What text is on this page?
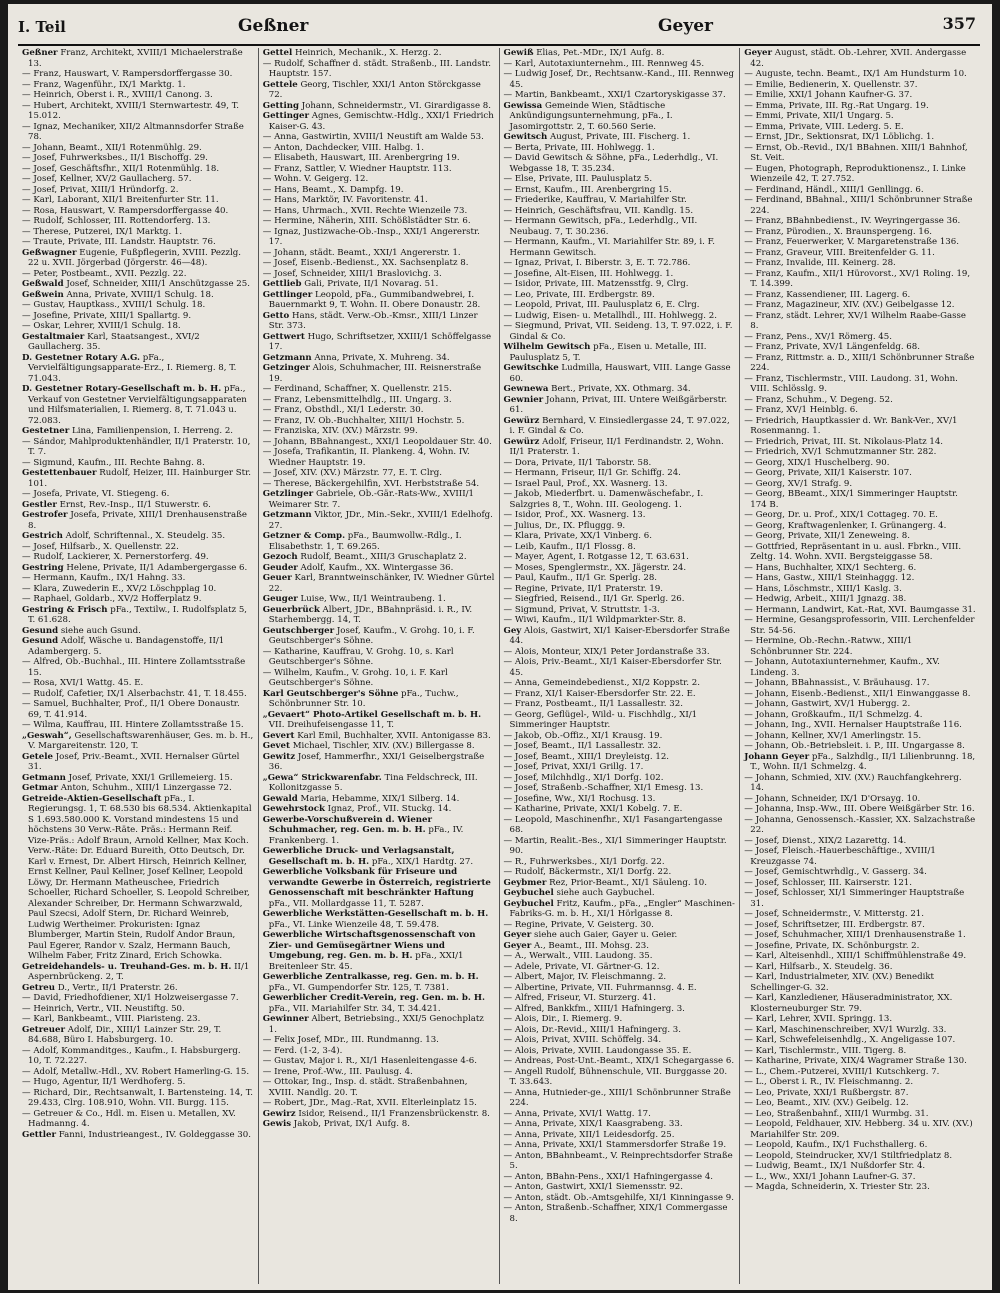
I. Teil	Geßner	Geyer	357

Geßner Franz, Architekt, XVIII/1 Michaelerstraße 13.

— Franz, Hauswart, V. Rampersdorffergasse 30.

— Franz, Wagenführ., IX/1 Marktg. 1.

— Heinrich, Oberst i. R., XVIII/1 Canong. 3.

— Hubert, Architekt, XVIII/1 Sternwartestr. 49, T. 15.012.

— Ignaz, Mechaniker, XII/2 Altmannsdorfer Straße 78.

— Johann, Beamt., XII/1 Rotenmühlg. 29.

— Josef, Fuhrwerksbes., II/1 Bischoffg. 29.

— Josef, Geschäftsfhr., XII/1 Rotenmühlg. 18.

— Josef, Kellner, XV/2 Gaullacherg. 57.

— Josef, Privat, XIII/1 Hründorfg. 2.

— Karl, Laborant, XII/1 Breitenfurter Str. 11.

— Rosa, Hauswart, V. Rampersdorffergasse 40.

— Rudolf, Schlosser, III. Rottendorferg. 13.

— Therese, Putzerei, IX/1 Marktg. 1.

— Traute, Private, III. Landstr. Hauptstr. 76.

Geßwagner Eugenie, Fußpflegerin, XVIII. Pezzlg. 22 u. XVII. Jörgerbad (Jörgerstr. 46—48).

— Peter, Postbeamt., XVII. Pezzlg. 22.

Geßwald Josef, Schneider, XIII/1 Anschützgasse 25.

Geßwein Anna, Private, XVIII/1 Schulg. 18.

— Gustav, Hauptkass., XVIII/1 Schulg. 18.

— Josefine, Private, XIII/1 Spallartg. 9.

— Oskar, Lehrer, XVIII/1 Schulg. 18.

Gestaltmaier Karl, Staatsangest., XVI/2 Gaullacherg. 35.

D. Gestetner Rotary A.G. pFa., Vervielfältigungsapparate-Erz., I. Riemerg. 8, T. 71.043.

D. Gestetner Rotary-Gesellschaft m. b. H. pFa., Verkauf von Gestetner Vervielfältigungsapparaten und Hilfsmaterialien, I. Riemerg. 8, T. 71.043 u. 72.083.

Gestetner Lina, Familienpension, I. Herreng. 2.

— Sándor, Mahlproduktenhändler, II/1 Praterstr. 10, T. 7.

— Sigmund, Kaufm., III. Rechte Bahng. 8.

Gestettenbauer Rudolf, Heizer, III. Hainburger Str. 101.

— Josefa, Private, VI. Stiegeng. 6.

Gestler Ernst, Rev.-Insp., II/1 Stuwerstr. 6.

Gestrofer Josefa, Private, XIII/1 Drenhausenstraße 8.

Gestrich Adolf, Schriftennal., X. Steudelg. 35.

— Josef, Hilfsarb., X. Quellenstr. 22.

— Rudolf, Lackierer, X. Pernerstorferg. 49.

Gestring Helene, Private, II/1 Adambergergasse 6.

— Hermann, Kaufm., IX/1 Hahng. 33.

— Klara, Zuwederin E., XV/2 Löschpplag 10.

— Raphael, Goldarb., XV/2 Hofferplatz 9.

Gestring & Frisch pFa., Textilw., I. Rudolfsplatz 5, T. 61.628.

Gesund siehe auch Gsund.

Gesund Adolf, Wäsche u. Bandagenstoffe, II/1 Adambergerg. 5.

— Alfred, Ob.-Buchhal., III. Hintere Zollamtsstraße 15.

— Rosa, XVI/1 Wattg. 45. E.

— Rudolf, Cafetier, IX/1 Alserbachstr. 41, T. 18.455.

— Samuel, Buchhalter, Prof., II/1 Obere Donaustr. 69, T. 41.914.

— Wilma, Kauffrau, III. Hintere Zollamtsstraße 15.

„Geswah“, Gesellschaftswarenhäuser, Ges. m. b. H., V. Margareitenstr. 120, T.

Getele Josef, Priv.-Beamt., XVII. Hernalser Gürtel 31.

Getmann Josef, Private, XXI/1 Grillemeierg. 15.

Getmar Anton, Schuhm., XIII/1 Linzergasse 72.

Getreide-Aktien-Gesellschaft pFa., I. Regierungsg. 1, T. 68.530 bis 68.534. Aktienkapital S 1.693.580.000 K. Vorstand mindestens 15 und höchstens 30 Verw.-Räte. Präs.: Hermann Reif. Vize-Präs.: Adolf Braun, Arnold Kellner, Max Koch. Verw.-Räte: Dr. Eduard Bureith, Otto Deutsch, Dr. Karl v. Ernest, Dr. Albert Hirsch, Heinrich Kellner, Ernst Kellner, Paul Kellner, Josef Kellner, Leopold Löwy, Dr. Hermann Matheuschee, Friedrich Schoeller, Richard Schoeller, S. Leopold Schreiber, Alexander Schreiber, Dr. Hermann Schwarzwald, Paul Szecsi, Adolf Stern, Dr. Richard Weinreb, Ludwig Wertheimer. Prokuristen: Ignaz Blumberger, Martin Stein, Rudolf Andor Braun, Paul Egerer, Randor v. Szalz, Hermann Bauch, Wilhelm Faber, Fritz Zinard, Erich Schowka.

Getreidehandels- u. Treuhand-Ges. m. b. H. II/1 Aspernbrückeng. 2, T.

Getreu D., Vertr., II/1 Praterstr. 26.

— David, Friedhofdiener, XI/1 Holzweisergasse 7.

— Heinrich, Vertr., VII. Neustiftg. 50.

— Karl, Bankbeamt., VIII. Piaristeng. 23.

Getreuer Adolf, Dir., XIII/1 Lainzer Str. 29, T. 84.688, Büro I. Habsburgerg. 10.

— Adolf, Kommanditges., Kaufm., I. Habsburgerg. 10, T. 72.227.

— Adolf, Metallw.-Hdl., XV. Robert Hamerling-G. 15.

— Hugo, Agentur, II/1 Werdhoferg. 5.

— Richard, Dir., Rechtsanwalt, I. Bartensteing. 14, T. 29.433, Clrg. 108.910, Wohn. VII. Burgg. 115.

— Getreuer & Co., Hdl. m. Eisen u. Metallen, XV. Hadmanng. 4.

Gettler Fanni, Industrieangest., IV. Goldeggasse 30.

Gettel Heinrich, Mechanik., X. Herzg. 2.

— Rudolf, Schaffner d. städt. Straßenb., III. Landstr. Hauptstr. 157.

Gettele Georg, Tischler, XXI/1 Anton Störckgasse 72.

Getting Johann, Schneidermstr., VI. Girardigasse 8.

Gettinger Agnes, Gemischtw.-Hdlg., XXI/1 Friedrich Kaiser-G. 43.

— Anna, Gastwirtin, XVIII/1 Neustift am Walde 53.

— Anton, Dachdecker, VIII. Halbg. 1.

— Elisabeth, Hauswart, III. Arenbergring 19.

— Franz, Sattler, V. Wiedner Hauptstr. 113.

— Wohn. V. Geigerg. 12.

— Hans, Beamt., X. Dampfg. 19.

— Hans, Marktör, IV. Favoritenstr. 41.

— Hans, Uhrmach., XVII. Rechte Wienzeile 73.

— Hermine, Näherin, XIII. Schößlstädter Str. 6.

— Ignaz, Justizwache-Ob.-Insp., XXI/1 Angererstr. 17.

— Johann, städt. Beamt., XXI/1 Angererstr. 1.

— Josef, Eisenb.-Bedienst., XX. Sachsenplatz 8.

— Josef, Schneider, XIII/1 Braslovichg. 3.

Gettlieb Gali, Private, II/1 Novarag. 51.

Gettlinger Leopold, pFa., Gummibandwebrei, I. Bauernmarkt 9, T. Wohn. II. Obere Donaustr. 28.

Getto Hans, städt. Verw.-Ob.-Kmsr., XIII/1 Linzer Str. 373.

Gettwert Hugo, Schriftsetzer, XXIII/1 Schöffelgasse 17.

Getzmann Anna, Private, X. Muhreng. 34.

Getzinger Alois, Schuhmacher, III. Reisnerstraße 19.

— Ferdinand, Schaffner, X. Quellenstr. 215.

— Franz, Lebensmittelhdlg., III. Ungarg. 3.

— Franz, Obsthdl., XI/1 Lederstr. 30.

— Franz, IV. Ob.-Buchhalter, XIII/1 Hochstr. 5.

— Franziska, XIV. (XV.) Märzstr. 99.

— Johann, BBahnangest., XXI/1 Leopoldauer Str. 40.

— Josefa, Trafikantin, II. Plankeng. 4, Wohn. IV. Wiedner Hauptstr. 19.

— Josef, XIV. (XV.) Märzstr. 77, E. T. Clrg.

— Therese, Bäckergehilfin, XVI. Herbststraße 54.

Getzlinger Gabriele, Ob.-Gär.-Rats-Ww., XVIII/1 Weimarer Str. 7.

Getzmann Viktor, JDr., Min.-Sekr., XVIII/1 Edelhofg. 27.

Getzner & Comp. pFa., Baumwollw.-Rdlg., I. Elisabethstr. 1, T. 69.265.

Gezoch Rudolf, Beamt., XIII/3 Gruschaplatz 2.

Geuder Adolf, Kaufm., XX. Wintergasse 36.

Geuer Karl, Branntweinschänker, IV. Wiedner Gürtel 22.

Geuger Luise, Ww., II/1 Weintraubeng. 1.

Geuerbrück Albert, JDr., BBahnpräsid. i. R., IV. Starhembergg. 14, T.

Geutschberger Josef, Kaufm., V. Grohg. 10, i. F. Geutschberger's Söhne.

— Katharine, Kauffrau, V. Grohg. 10, s. Karl Geutschberger's Söhne.

— Wilhelm, Kaufm., V. Grohg. 10, i. F. Karl Geutschberger's Söhne.

Karl Geutschberger's Söhne pFa., Tuchw., Schönbrunner Str. 10.

„Gevaert“ Photo-Artikel Gesellschaft m. b. H. VII. Dreihufeisengasse 11, T.

Gevert Karl Emil, Buchhalter, XVII. Antonigasse 83.

Gevet Michael, Tischler, XIV. (XV.) Billergasse 8.

Gewitz Josef, Hammerfhr., XXI/1 Geiselbergstraße 36.

„Gewa“ Strickwarenfabr. Tina Feldschreck, III. Kollonitzgasse 5.

Gewald Maria, Hebamme, XIX/1 Silberg. 14.

Gewehrstock Ignaz, Prof., VII. Stuckg. 14.

Gewerbe-Vorschußverein d. Wiener Schuhmacher, reg. Gen. m. b. H. pFa., IV. Frankenberg. 1.

Gewerbliche Druck- und Verlagsanstalt, Gesellschaft m. b. H. pFa., XIX/1 Hardtg. 27.

Gewerbliche Volksbank für Friseure und verwandte Gewerbe in Österreich, registrierte Genossenschaft mit beschränkter Haftung pFa., VII. Mollardgasse 11, T. 5287.

Gewerbliche Werkstätten-Gesellschaft m. b. H. pFa., VI. Linke Wienzeile 48, T. 59.478.

Gewerbliche Wirtschaftsgenossenschaft von Zier- und Gemüsegärtner Wiens und Umgebung, reg. Gen. m. b. H. pFa., XXI/1 Breitenleer Str. 45.

Gewerbliche Zentralkasse, reg. Gen. m. b. H. pFa., VI. Gumpendorfer Str. 125, T. 7381.

Gewerblicher Credit-Verein, reg. Gen. m. b. H. pFa., VII. Mariahilfer Str. 34, T. 34.421.

Gewinner Albert, Betriebsing., XXI/5 Genochplatz 1.

— Felix Josef, MDr., III. Rundmanng. 13.

— Ferd. (1-2, 3-4).

— Gustav, Major i. R., XI/1 Hasenleitengasse 4-6.

— Irene, Prof.-Ww., III. Paulusg. 4.

— Ottokar, Ing., Insp. d. städt. Straßenbahnen, XVIII. Nandlg. 20. T.

— Robert, JDr., Mag.-Rat, XVII. Elterleinplatz 15.

Gewirz Isidor, Reisend., II/1 Franzensbrückenstr. 8.

Gewis Jakob, Privat, IX/1 Aufg. 8.

Gewiß Elias, Pet.-MDr., IX/1 Aufg. 8.

— Karl, Autotaxiunternehm., III. Rennweg 45.

— Ludwig Josef, Dr., Rechtsanw.-Kand., III. Rennweg 45.

— Martin, Bankbeamt., XXI/1 Czartoryskigasse 37.

Gewissa Gemeinde Wien, Städtische Ankündigungsunternehmung, pFa., I. Jasomirgottstr. 2, T. 60.560 Serie.

Gewitsch August, Private, III. Fischerg. 1.

— Berta, Private, III. Hohlwegg. 1.

— David Gewitsch & Söhne, pFa., Lederhdlg., VI. Webgasse 18, T. 35.234.

— Else, Private, III. Paulusplatz 5.

— Ernst, Kaufm., III. Arenbergring 15.

— Friederike, Kauffrau, V. Mariahilfer Str.

— Heinrich, Geschäftsfrau, VII. Kandlg. 15.

— Hermann Gewitsch, pFa., Lederhdlg., VII. Neubaug. 7, T. 30.236.

— Hermann, Kaufm., VI. Mariahilfer Str. 89, i. F. Hermann Gewitsch.

— Ignaz, Privat, I. Biberstr. 3, E. T. 72.786.

— Josefine, Alt-Eisen, III. Hohlwegg. 1.

— Isidor, Private, III. Matzensstfg. 9, Clrg.

— Leo, Private, III. Erdbergstr. 89.

— Leopold, Privat, III. Paulusplatz 6, E. Clrg.

— Ludwig, Eisen- u. Metallhdl., III. Hohlwegg. 2.

— Siegmund, Privat, VII. Seideng. 13, T. 97.022, i. F. Gindal & Co.

Wilhelm Gewitsch pFa., Eisen u. Metalle, III. Paulusplatz 5, T.

Gewitschke Ludmilla, Hauswart, VIII. Lange Gasse 60.

Gewnewa Bert., Private, XX. Othmarg. 34.

Gewnier Johann, Privat, III. Untere Weißgärberstr. 61.

Gewürz Bernhard, V. Einsiedlergasse 24, T. 97.022, i. F. Gindal & Co.

Gewürz Adolf, Friseur, II/1 Ferdinandstr. 2, Wohn. II/1 Praterstr. 1.

— Dora, Private, II/1 Taborstr. 58.

— Hermann, Friseur, II/1 Gr. Schiffg. 24.

— Israel Paul, Prof., XX. Wasnerg. 13.

— Jakob, Miederfbrt. u. Damenwäschefabr., I. Salzgries 8, T., Wohn. III. Geologeng. 1.

— Isidor, Prof., XX. Wasnerg. 13.

— Julius, Dr., IX. Pfluggg. 9.

— Klara, Private, XX/1 Vinberg. 6.

— Leib, Kaufm., II/1 Flossg. 8.

— Mayer, Agent, I. Rotgasse 12, T. 63.631.

— Moses, Spenglermstr., XX. Jägerstr. 24.

— Paul, Kaufm., II/1 Gr. Sperlg. 28.

— Regine, Private, II/1 Praterstr. 19.

— Siegfried, Reisend., II/1 Gr. Sperlg. 26.

— Sigmund, Privat, V. Struttstr. 1-3.

— Wiwi, Kaufm., II/1 Wildpmarkter-Str. 8.

Gey Alois, Gastwirt, XI/1 Kaiser-Ebersdorfer Straße 44.

— Alois, Monteur, XIX/1 Peter Jordanstraße 33.

— Alois, Priv.-Beamt., XI/1 Kaiser-Ebersdorfer Str. 45.

— Anna, Gemeindebedienst., XI/2 Koppstr. 2.

— Franz, XI/1 Kaiser-Ebersdorfer Str. 22. E.

— Franz, Postbeamt., II/1 Lassallestr. 32.

— Georg, Geflügel-, Wild- u. Fischhdlg., XI/1 Simmeringer Hauptstr.

— Jakob, Ob.-Offiz., XI/1 Krausg. 19.

— Josef, Beamt., II/1 Lassallestr. 32.

— Josef, Beamt., XIII/1 Dreyleistg. 12.

— Josef, Privat, XXI/1 Grillg. 17.

— Josef, Milchhdlg., XI/1 Dorfg. 102.

— Josef, Straßenb.-Schaffner, XI/1 Emesg. 13.

— Josefine, Ww., XI/1 Rochusg. 13.

— Katharine, Private, XXI/1 Kobelg. 7. E.

— Leopold, Maschinenfhr., XI/1 Fasangartengasse 68.

— Martin, Realit.-Bes., XI/1 Simmeringer Hauptstr. 90.

— R., Fuhrwerksbes., XI/1 Dorfg. 22.

— Rudolf, Bäckermstr., XI/1 Dorfg. 22.

Geybmer Rez, Prior-Beamt., XI/1 Säuleng. 10.

Geybuchel siehe auch Gaybuchel.

Geybuchel Fritz, Kaufm., pFa., „Engler“ Maschinen-Fabriks-G. m. b. H., XI/1 Hörlgasse 8.

— Regine, Private, V. Geisterg. 30.

Geyer siehe auch Gaier, Gayer u. Geier.

Geyer A., Beamt., III. Mohsg. 23.

— A., Werwalt., VIII. Laudong. 35.

— Adele, Private, VI. Gärtner-G. 12.

— Albert, Major, IV. Fleischmanng. 2.

— Albertine, Private, VII. Fuhrmannsg. 4. E.

— Alfred, Friseur, VI. Sturzerg. 41.

— Alfred, Bankkfm., XIII/1 Hafningerg. 3.

— Alois, Dir., I. Riemerg. 9.

— Alois, Dr.-Revid., XIII/1 Hafningerg. 3.

— Alois, Privat, XVIII. Schöffelg. 34.

— Alois, Private, XVIII. Laudongasse 35. E.

— Andreas, Post-Unt.-Beamt., XIX/1 Schegargasse 6.

— Angell Rudolf, Bühnenschule, VII. Burggasse 20. T. 33.643.

— Anna, Hutnieder-ge., XIII/1 Schönbrunner Straße 224.

— Anna, Private, XVI/1 Wattg. 17.

— Anna, Private, XIX/1 Kaasgrabeng. 33.

— Anna, Private, XII/1 Leidesdorfg. 25.

— Anna, Private, XXI/1 Stammersdorfer Straße 19.

— Anton, BBahnbeamt., V. Reinprechtsdorfer Straße 5.

— Anton, BBahn-Pens., XXI/1 Hafningergasse 4.

— Anton, Gastwirt, XXI/1 Siemensstr. 92.

— Anton, städt. Ob.-Amtsgehilfe, XI/1 Kinningasse 9.

— Anton, Straßenb.-Schaffner, XIX/1 Commergasse 8.

Geyer August, städt. Ob.-Lehrer, XVII. Andergasse 42.

— Auguste, techn. Beamt., IX/1 Am Hundsturm 10.

— Emilie, Bedienerin, X. Quellenstr. 37.

— Emilie, XXI/1 Johann Kaufner-G. 37.

— Emma, Private, III. Rg.-Rat Ungarg. 19.

— Emmi, Private, XII/1 Ungarg. 5.

— Emma, Private, VIII. Lederg. 5. E.

— Ernst, JDr., Sektionsrat, IX/1 Löblichg. 1.

— Ernst, Ob.-Revid., IX/1 BBahnen. XIII/1 Bahnhof, St. Veit.

— Eugen, Photograph, Reproduktionensz., I. Linke Wienzeile 42, T. 27.752.

— Ferdinand, Händl., XIII/1 Genllingg. 6.

— Ferdinand, BBahnal., XIII/1 Schönbrunner Straße 224.

— Franz, BBahnbedienst., IV. Weyringergasse 36.

— Franz, Pürodien., X. Braunspergeng. 16.

— Franz, Feuerwerker, V. Margaretenstraße 136.

— Franz, Graveur, VIII. Breitenfelder G. 11.

— Franz, Invalide, III. Keinerg. 28.

— Franz, Kaufm., XII/1 Hürovorst., XV/1 Roling. 19, T. 14.399.

— Franz, Kassendiener, III. Lagerg. 6.

— Franz, Magazineur, XIV. (XV.) Geibelgasse 12.

— Franz, städt. Lehrer, XV/1 Wilhelm Raabe-Gasse 8.

— Franz, Pens., XV/1 Römerg. 45.

— Franz, Private, XV/1 Längenfeldg. 68.

— Franz, Rittmstr. a. D., XIII/1 Schönbrunner Straße 224.

— Franz, Tischlermstr., VIII. Laudong. 31, Wohn. VIII. Schlösslg. 9.

— Franz, Schuhm., V. Degeng. 52.

— Franz, XV/1 Heinblg. 6.

— Friedrich, Hauptkassier d. Wr. Bank-Ver., XV/1 Rosenmanng. 1.

— Friedrich, Privat, III. St. Nikolaus-Platz 14.

— Friedrich, XV/1 Schmutzmanner Str. 282.

— Georg, XIX/1 Huschelberg. 90.

— Georg, Private, XII/1 Kaiserstr. 107.

— Georg, XV/1 Strafg. 9.

— Georg, BBeamt., XIX/1 Simmeringer Hauptstr. 174 B.

— Georg, Dr. u. Prof., XIX/1 Cottageg. 70. E.

— Georg, Kraftwagenlenker, I. Grünangerg. 4.

— Georg, Private, XII/1 Zeneweing. 8.

— Gottfried, Repräsentant in u. ausl. Fbrkn., VIII. Zeltg. 14. Wohn. XVII. Bergsteiggasse 58.

— Hans, Buchhalter, XIX/1 Sechterg. 6.

— Hans, Gastw., XIII/1 Steinhaggg. 12.

— Hans, Löschmstr., XIII/1 Kaslg. 3.

— Hedwig, Arbeit., XIII/1 Jgnazg. 38.

— Hermann, Landwirt, Kat.-Rat, XVI. Baumgasse 31.

— Hermine, Gesangsprofessorin, VIII. Lerchenfelder Str. 54-56.

— Hermine, Ob.-Rechn.-Ratww., XIII/1 Schönbrunner Str. 224.

— Johann, Autotaxiunternehmer, Kaufm., XV. Lindeng. 3.

— Johann, BBahnassist., V. Bräuhausg. 17.

— Johann, Eisenb.-Bedienst., XII/1 Einwanggasse 8.

— Johann, Gastwirt, XV/1 Hubergg. 2.

— Johann, Großkaufm., II/1 Schmelzg. 4.

— Johann, Ing., XVII. Hernalser Hauptstraße 116.

— Johann, Kellner, XV/1 Amerlingstr. 15.

— Johann, Ob.-Betriebsleit. i. P., III. Ungargasse 8.

Johann Geyer pFa., Salzhdlg., II/1 Lilienbrunng. 18, T., Wohn. II/1 Schmelzg. 4.

— Johann, Schmied, XIV. (XV.) Rauchfangkehrerg. 14.

— Johann, Schneider, IX/1 D'Orsayg. 10.

— Johanna, Insp.-Ww., III. Obere Weißgärber Str. 16.

— Johanna, Genossensch.-Kassier, XX. Salzachstraße 22.

— Josef, Dienst., XIX/2 Lazarettg. 14.

— Josef, Fleisch.-Hauerbeschäftige., XVIII/1 Kreuzgasse 74.

— Josef, Gemischtwrhdlg., V. Gasserg. 34.

— Josef, Schlosser, III. Kairserstr. 121.

— Josef, Schlosser, XI/1 Simmeringer Hauptstraße 31.

— Josef, Schneidermstr., V. Mitterstg. 21.

— Josef, Schriftsetzer, III. Erdbergstr. 87.

— Josef, Schuhmacher, XIII/1 Drenhausenstraße 1.

— Josefine, Private, IX. Schönburgstr. 2.

— Karl, Alteisenhdl., XIII/1 Schiffmühlenstraße 49.

— Karl, Hilfsarb., X. Steudelg. 36.

— Karl, Industrialmeter, XIV. (XV.) Benedikt Schellinger-G. 32.

— Karl, Kanzlediener, Häuseradministrator, XX. Klosterneuburger Str. 79.

— Karl, Lehrer, XVII. Springg. 13.

— Karl, Maschinenschreiber, XV/1 Wurzlg. 33.

— Karl, Schwefeleisenhdlg., X. Angeligasse 107.

— Karl, Tischlermstr., VIII. Tigerg. 8.

— Katharine, Private, XIX/4 Wagramer Straße 130.

— L., Chem.-Putzerei, XVIII/1 Kutschkerg. 7.

— L., Oberst i. R., IV. Fleischmanng. 2.

— Leo, Private, XXI/1 Rußbergstr. 87.

— Leo, Beamt., XIV. (XV.) Geibelg. 12.

— Leo, Straßenbahnf., XIII/1 Wurmbg. 31.

— Leopold, Feldhauer, XIV. Hebberg. 34 u. XIV. (XV.) Mariahilfer Str. 209.

— Leopold, Kaufm., IX/1 Fuchsthallerg. 6.

— Leopold, Steindrucker, XV/1 Stiltfriedplatz 8.

— Ludwig, Beamt., IX/1 Nußdorfer Str. 4.

— L., Ww., XXI/1 Johann Laufner-G. 37.

— Magda, Schneiderin, X. Triester Str. 23.
